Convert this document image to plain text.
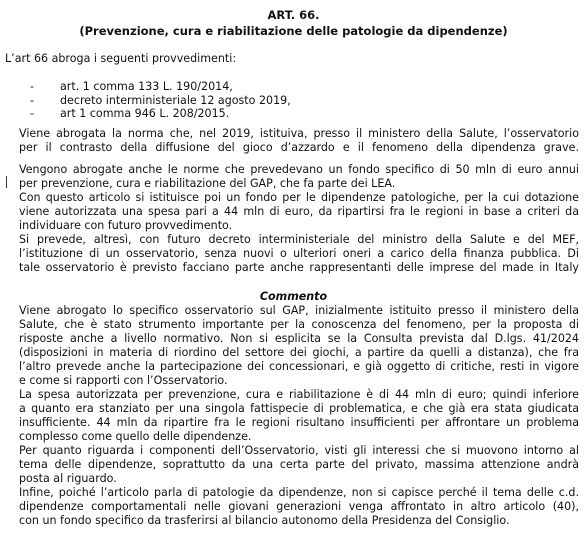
ART. 66.
(Prevenzione, cura e riabilitazione delle patologie da dipendenze)
L’art 66 abroga i seguenti provvedimenti:
- art. 1 comma 133 L. 190/2014,
- decreto interministeriale 12 agosto 2019,
- art 1 comma 946 L. 208/2015.
Viene abrogata la norma che, nel 2019, istituiva, presso il ministero della Salute, l’osservatorio
per il contrasto della diffusione del gioco d’azzardo e il fenomeno della dipendenza grave.
Vengono abrogate anche le norme che prevedevano un fondo specifico di 50 mln di euro annui
per prevenzione, cura e riabilitazione del GAP, che fa parte dei LEA.
Con questo articolo si istituisce poi un fondo per le dipendenze patologiche, per la cui dotazione
viene autorizzata una spesa pari a 44 mln di euro, da ripartirsi fra le regioni in base a criteri da
individuare con futuro provvedimento.
Si prevede, altresì, con futuro decreto interministeriale del ministro della Salute e del MEF,
l’istituzione di un osservatorio, senza nuovi o ulteriori oneri a carico della finanza pubblica. Di
tale osservatorio è previsto facciano parte anche rappresentanti delle imprese del made in Italy
Commento
Viene abrogato lo specifico osservatorio sul GAP, inizialmente istituito presso il ministero della
Salute, che è stato strumento importante per la conoscenza del fenomeno, per la proposta di
risposte anche a livello normativo. Non si esplicita se la Consulta prevista dal D.lgs. 41/2024
(disposizioni in materia di riordino del settore dei giochi, a partire da quelli a distanza), che fra
l’altro prevede anche la partecipazione dei concessionari, e già oggetto di critiche, resti in vigore
e come si rapporti con l’Osservatorio.
La spesa autorizzata per prevenzione, cura e riabilitazione è di 44 mln di euro; quindi inferiore
a quanto era stanziato per una singola fattispecie di problematica, e che già era stata giudicata
insufficiente. 44 mln da ripartire fra le regioni risultano insufficienti per affrontare un problema
complesso come quello delle dipendenze.
Per quanto riguarda i componenti dell’Osservatorio, visti gli interessi che si muovono intorno al
tema delle dipendenze, soprattutto da una certa parte del privato, massima attenzione andrà
posta al riguardo.
Infine, poiché l’articolo parla di patologie da dipendenze, non si capisce perché il tema delle c.d.
dipendenze comportamentali nelle giovani generazioni venga affrontato in altro articolo (40),
con un fondo specifico da trasferirsi al bilancio autonomo della Presidenza del Consiglio.
